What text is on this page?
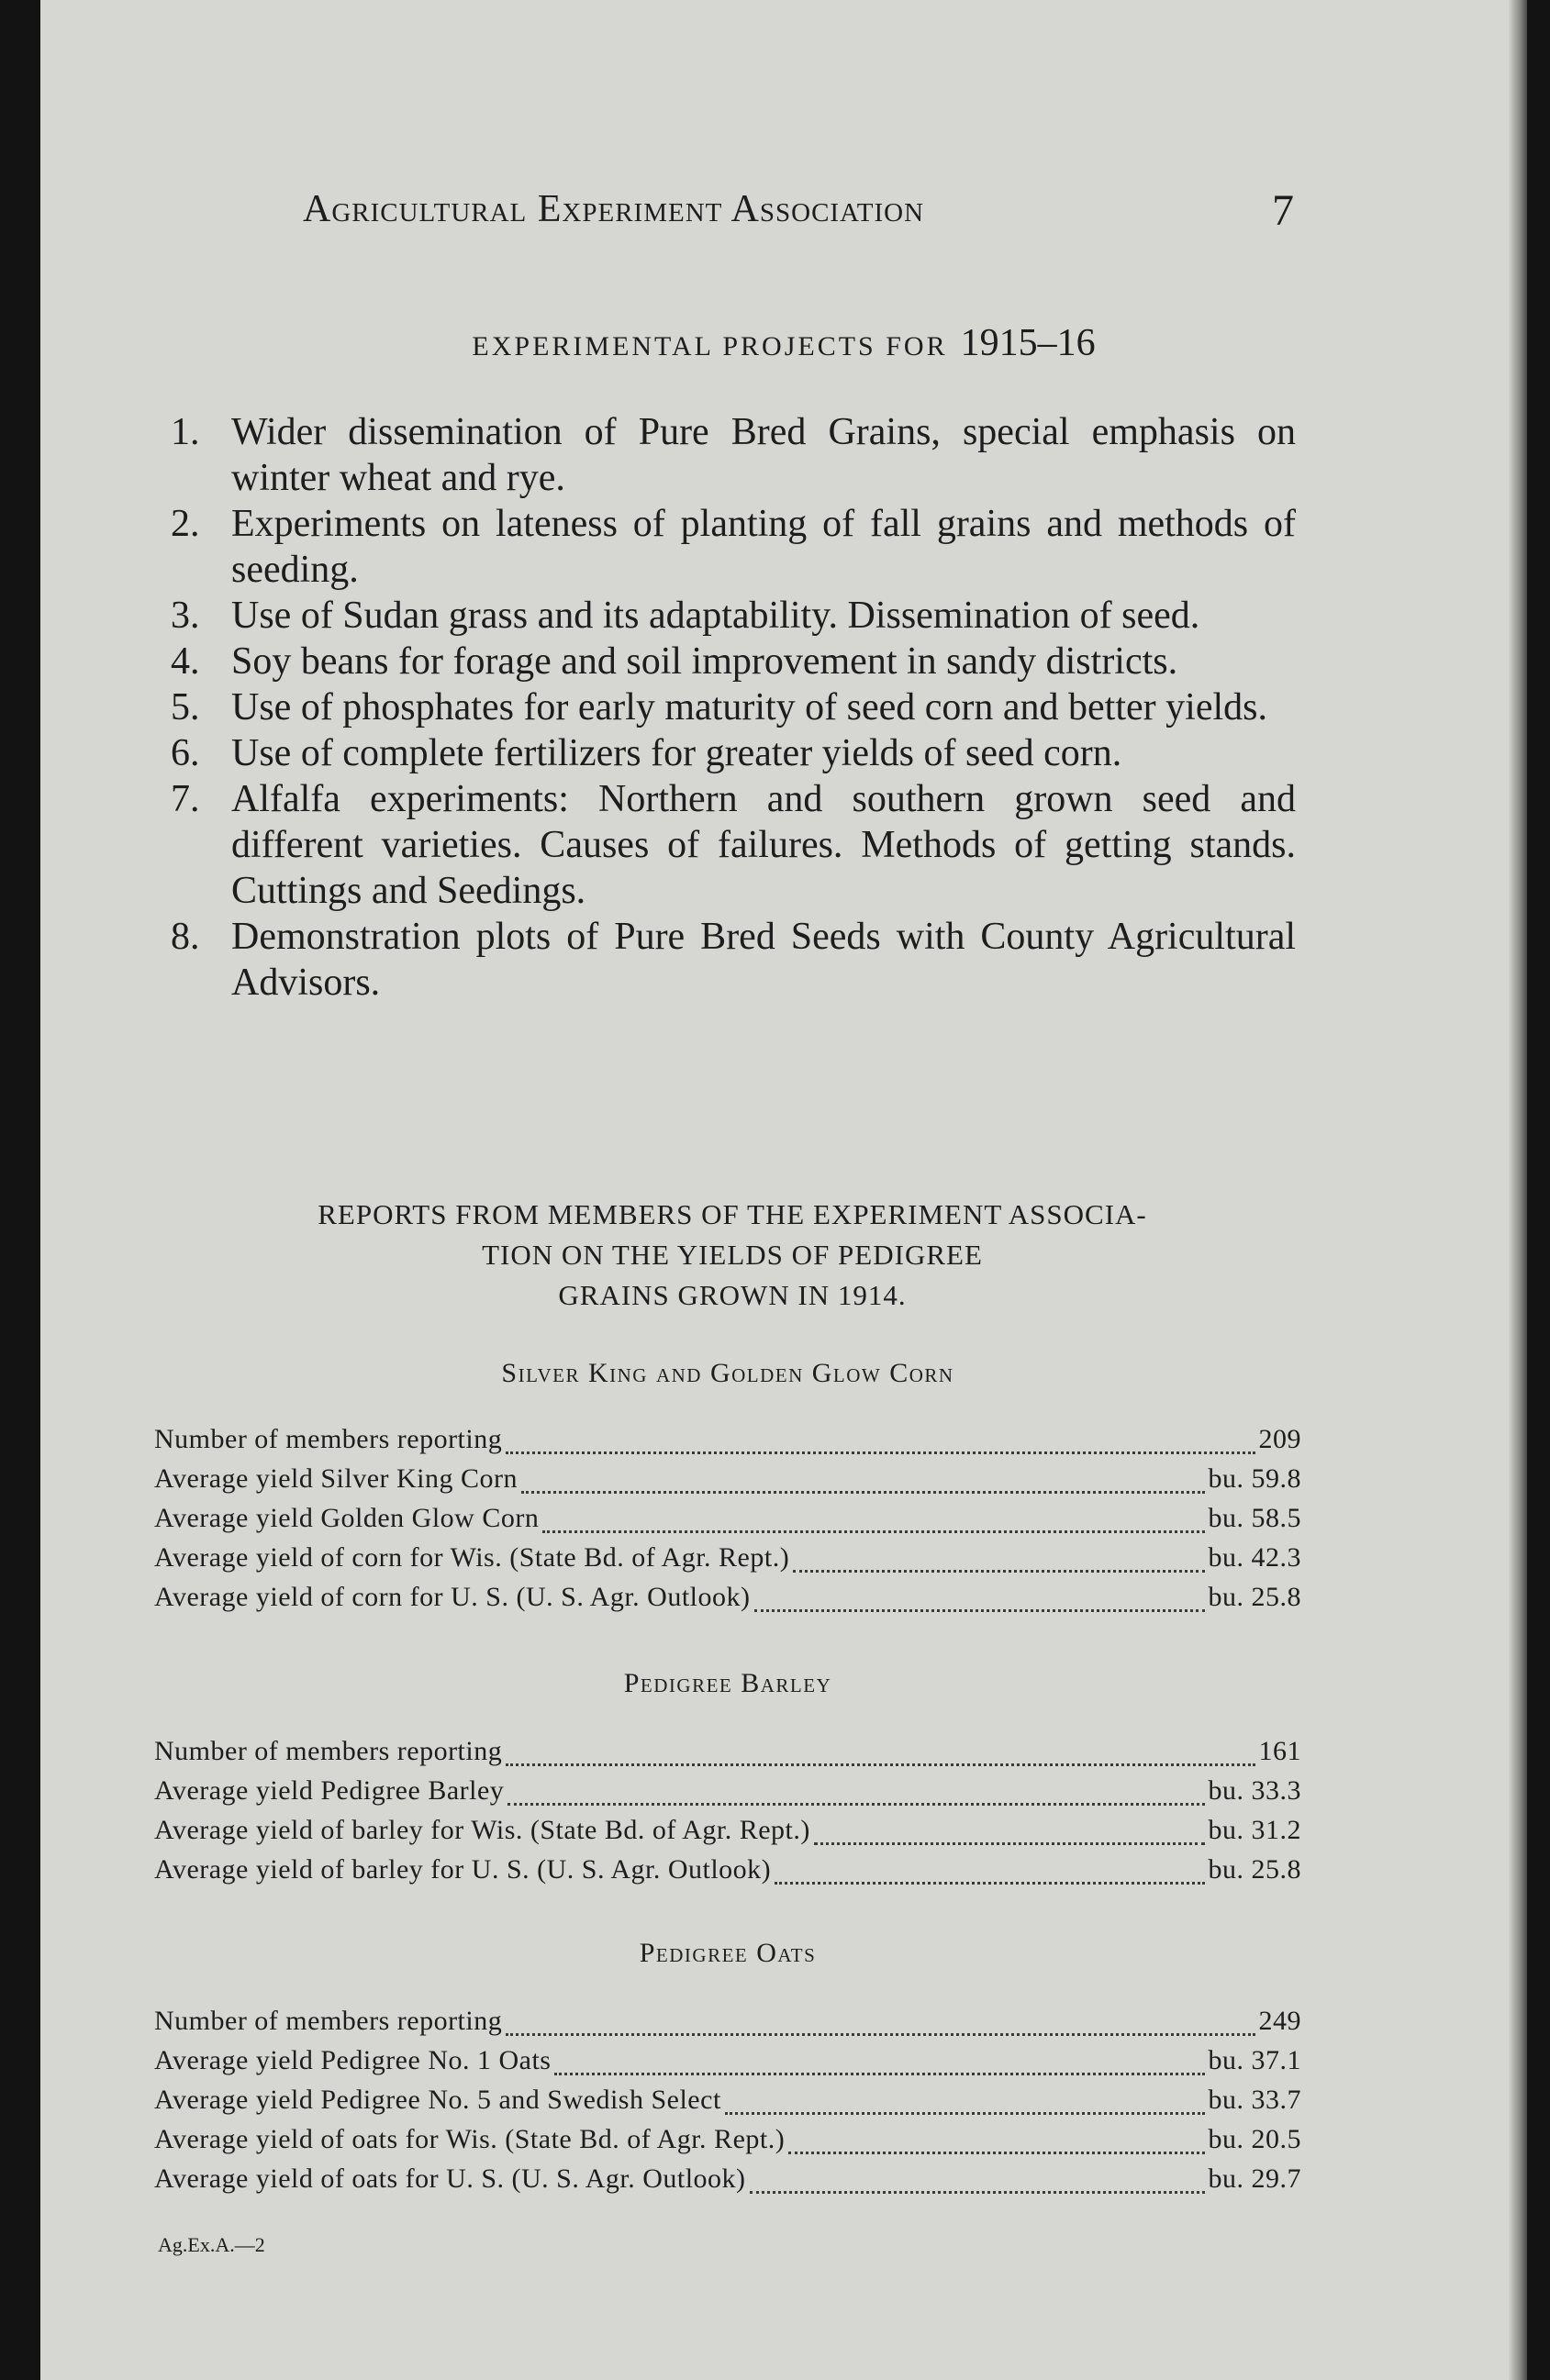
Agricultural Experiment Association	7
EXPERIMENTAL PROJECTS FOR 1915–16
1. Wider dissemination of Pure Bred Grains, special emphasis on winter wheat and rye.
2. Experiments on lateness of planting of fall grains and methods of seeding.
3. Use of Sudan grass and its adaptability. Dissemination of seed.
4. Soy beans for forage and soil improvement in sandy districts.
5. Use of phosphates for early maturity of seed corn and better yields.
6. Use of complete fertilizers for greater yields of seed corn.
7. Alfalfa experiments: Northern and southern grown seed and different varieties. Causes of failures. Methods of getting stands. Cuttings and Seedings.
8. Demonstration plots of Pure Bred Seeds with County Agricultural Advisors.
REPORTS FROM MEMBERS OF THE EXPERIMENT ASSOCIA-
TION ON THE YIELDS OF PEDIGREE
GRAINS GROWN IN 1914.
Silver King and Golden Glow Corn
Number of members reporting	209
Average yield Silver King Corn	bu. 59.8
Average yield Golden Glow Corn	bu. 58.5
Average yield of corn for Wis. (State Bd. of Agr. Rept.)	bu. 42.3
Average yield of corn for U. S. (U. S. Agr. Outlook)	bu. 25.8
Pedigree Barley
Number of members reporting	161
Average yield Pedigree Barley	bu. 33.3
Average yield of barley for Wis. (State Bd. of Agr. Rept.)	bu. 31.2
Average yield of barley for U. S. (U. S. Agr. Outlook)	bu. 25.8
Pedigree Oats
Number of members reporting	249
Average yield Pedigree No. 1 Oats	bu. 37.1
Average yield Pedigree No. 5 and Swedish Select	bu. 33.7
Average yield of oats for Wis. (State Bd. of Agr. Rept.)	bu. 20.5
Average yield of oats for U. S. (U. S. Agr. Outlook)	bu. 29.7
Ag.Ex.A.—2
